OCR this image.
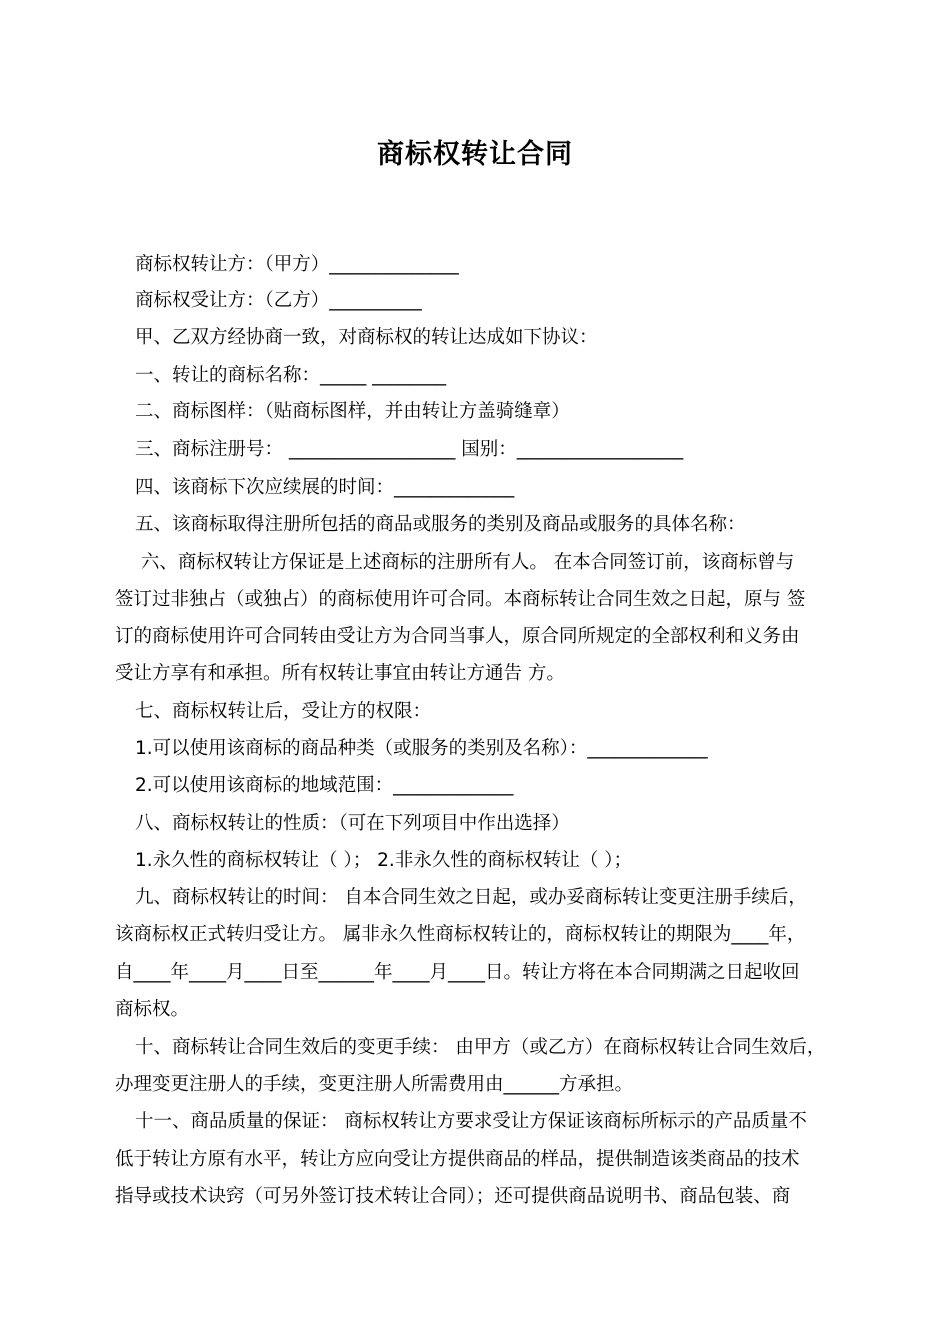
商标权转让合同
商标权转让方：（甲方）______________
商标权受让方：（乙方）__________
甲、乙双方经协商一致，对商标权的转让达成如下协议：
一、转让的商标名称：_____ ________
二、商标图样：（贴商标图样，并由转让方盖骑缝章）
三、商标注册号： __________________ 国别：__________________
四、该商标下次应续展的时间：_____________
五、该商标取得注册所包括的商品或服务的类别及商品或服务的具体名称：
六、商标权转让方保证是上述商标的注册所有人。 在本合同签订前，该商标曾与
签订过非独占（或独占）的商标使用许可合同。本商标转让合同生效之日起，原与 签
订的商标使用许可合同转由受让方为合同当事人，原合同所规定的全部权利和义务由
受让方享有和承担。所有权转让事宜由转让方通告 方。
七、商标权转让后，受让方的权限：
1.可以使用该商标的商品种类（或服务的类别及名称）：_____________
2.可以使用该商标的地域范围：_____________
八、商标权转让的性质：（可在下列项目中作出选择）
1.永久性的商标权转让（ ）； 2.非永久性的商标权转让（ ）；
九、商标权转让的时间： 自本合同生效之日起，或办妥商标转让变更注册手续后，
该商标权正式转归受让方。 属非永久性商标权转让的，商标权转让的期限为____年，
自____年____月____日至______年____月____日。转让方将在本合同期满之日起收回
商标权。
十、商标转让合同生效后的变更手续： 由甲方（或乙方）在商标权转让合同生效后，
办理变更注册人的手续，变更注册人所需费用由______方承担。
十一、商品质量的保证： 商标权转让方要求受让方保证该商标所标示的产品质量不
低于转让方原有水平，转让方应向受让方提供商品的样品，提供制造该类商品的技术
指导或技术诀窍（可另外签订技术转让合同）；还可提供商品说明书、商品包装、商
